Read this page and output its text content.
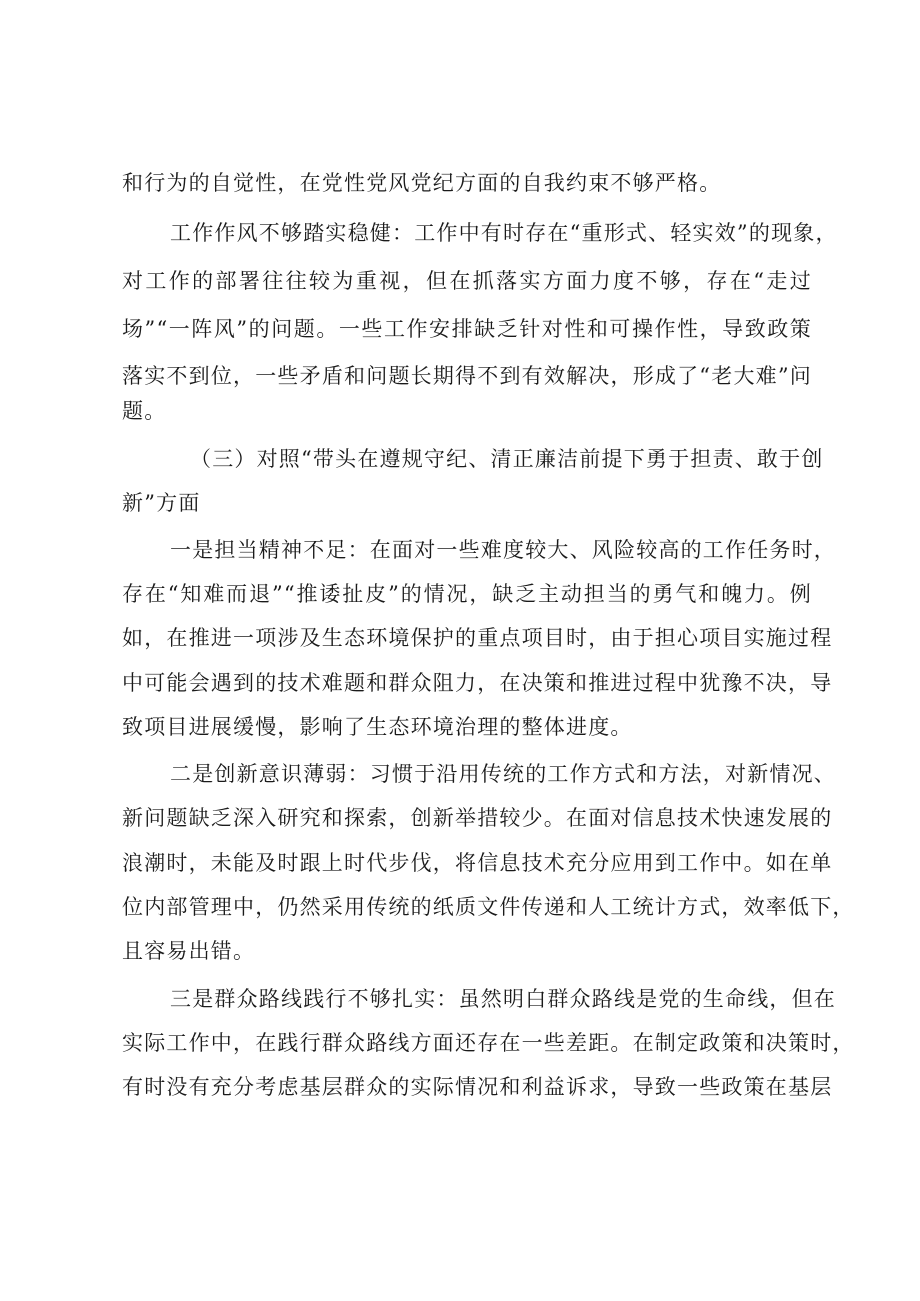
和行为的自觉性，在党性党风党纪方面的自我约束不够严格。
工作作风不够踏实稳健：工作中有时存在“重形式、轻实效”的现象，
对工作的部署往往较为重视，但在抓落实方面力度不够，存在“走过
场”“一阵风”的问题。一些工作安排缺乏针对性和可操作性，导致政策
落实不到位，一些矛盾和问题长期得不到有效解决，形成了“老大难”问
题。
（三）对照“带头在遵规守纪、清正廉洁前提下勇于担责、敢于创
新”方面
一是担当精神不足：在面对一些难度较大、风险较高的工作任务时，
存在“知难而退”“推诿扯皮”的情况，缺乏主动担当的勇气和魄力。例
如，在推进一项涉及生态环境保护的重点项目时，由于担心项目实施过程
中可能会遇到的技术难题和群众阻力，在决策和推进过程中犹豫不决，导
致项目进展缓慢，影响了生态环境治理的整体进度。
二是创新意识薄弱：习惯于沿用传统的工作方式和方法，对新情况、
新问题缺乏深入研究和探索，创新举措较少。在面对信息技术快速发展的
浪潮时，未能及时跟上时代步伐，将信息技术充分应用到工作中。如在单
位内部管理中，仍然采用传统的纸质文件传递和人工统计方式，效率低下，
且容易出错。
三是群众路线践行不够扎实：虽然明白群众路线是党的生命线，但在
实际工作中，在践行群众路线方面还存在一些差距。在制定政策和决策时，
有时没有充分考虑基层群众的实际情况和利益诉求，导致一些政策在基层
